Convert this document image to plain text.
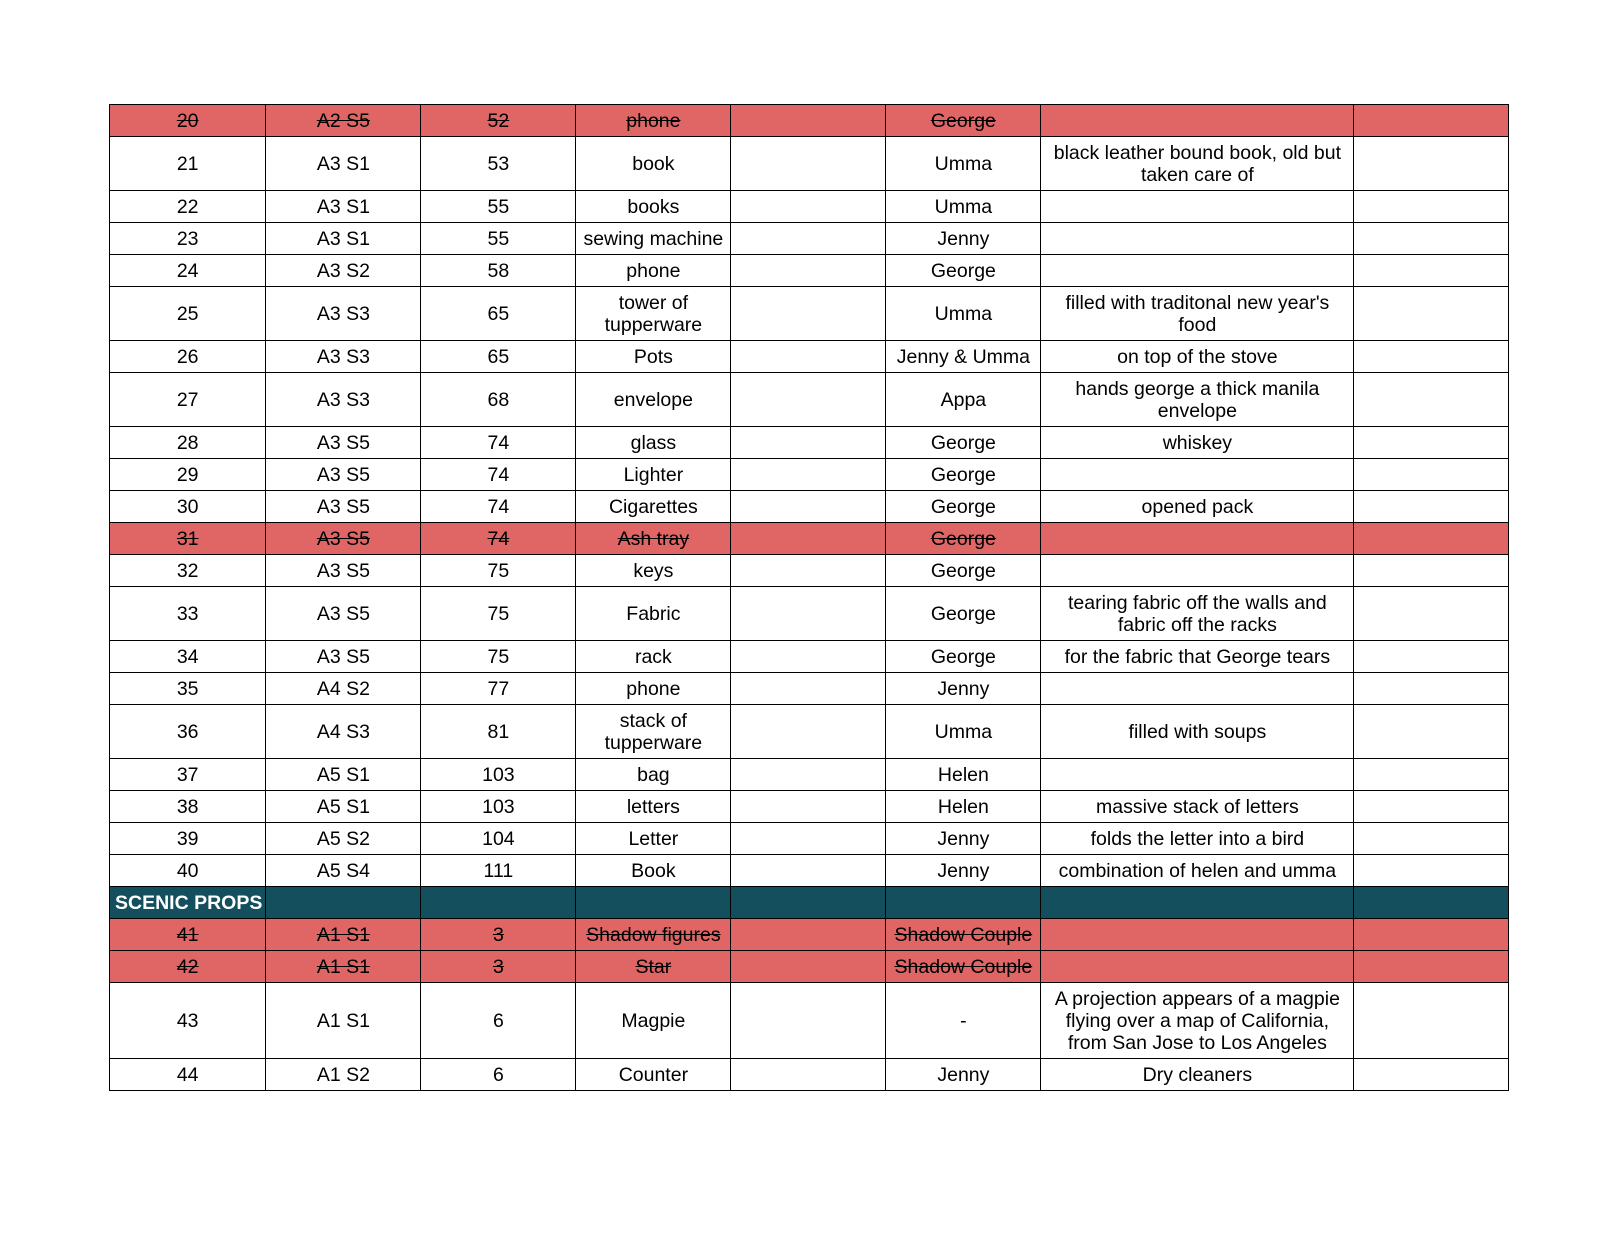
20	A2 S5	52	phone		George		
21	A3 S1	53	book		Umma	black leather bound book, old but taken care of	
22	A3 S1	55	books		Umma		
23	A3 S1	55	sewing machine		Jenny		
24	A3 S2	58	phone		George		
25	A3 S3	65	tower of tupperware		Umma	filled with traditonal new year's food	
26	A3 S3	65	Pots		Jenny & Umma	on top of the stove	
27	A3 S3	68	envelope		Appa	hands george a thick manila envelope	
28	A3 S5	74	glass		George	whiskey	
29	A3 S5	74	Lighter		George		
30	A3 S5	74	Cigarettes		George	opened pack	
31	A3 S5	74	Ash tray		George		
32	A3 S5	75	keys		George		
33	A3 S5	75	Fabric		George	tearing fabric off the walls and fabric off the racks	
34	A3 S5	75	rack		George	for the fabric that George tears	
35	A4 S2	77	phone		Jenny		
36	A4 S3	81	stack of tupperware		Umma	filled with soups	
37	A5 S1	103	bag		Helen		
38	A5 S1	103	letters		Helen	massive stack of letters	
39	A5 S2	104	Letter		Jenny	folds the letter into a bird	
40	A5 S4	111	Book		Jenny	combination of helen and umma	
SCENIC PROPS							
41	A1 S1	3	Shadow figures		Shadow Couple		
42	A1 S1	3	Star		Shadow Couple		
43	A1 S1	6	Magpie		-	A projection appears of a magpie flying over a map of California, from San Jose to Los Angeles	
44	A1 S2	6	Counter		Jenny	Dry cleaners	
